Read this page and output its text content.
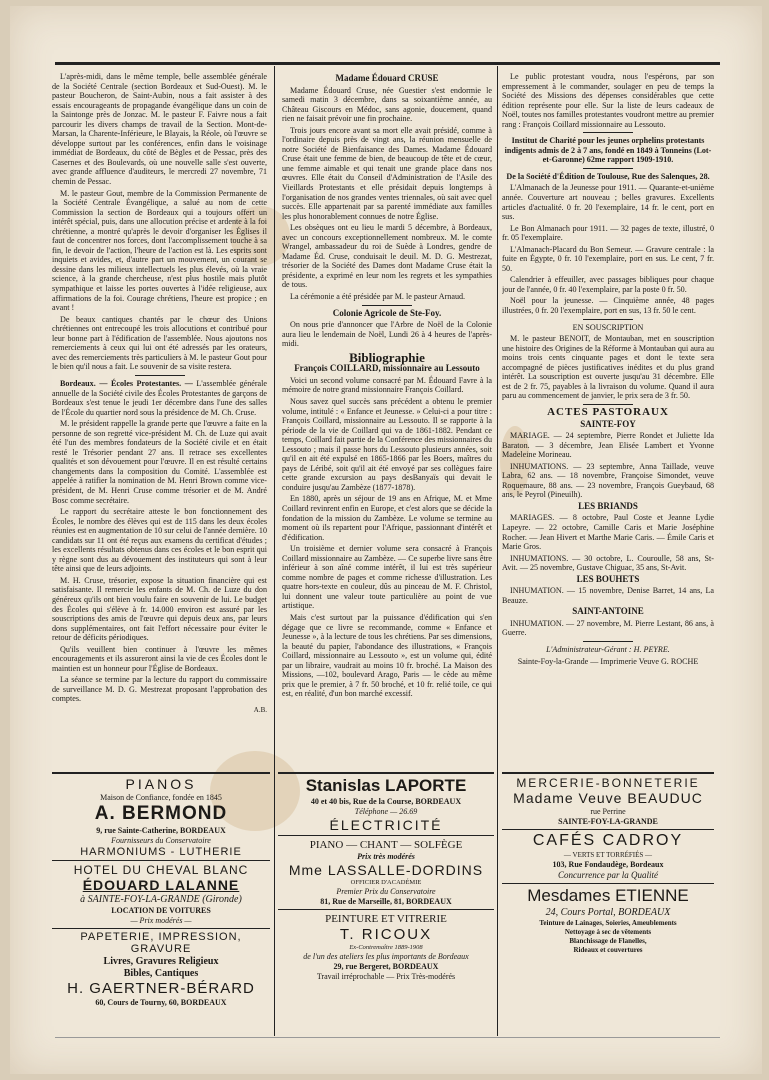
L'après-midi, dans le même temple, belle assemblée générale de la Société Centrale (section Bordeaux et Sud-Ouest). M. le pasteur Boucheron, de Saint-Aubin, nous a fait assister à des essais encourageants de propagande évangélique dans un coin de la Saintonge près de Jonzac. M. le pasteur F. Faivre nous a fait parcourir les divers champs de travail de la Section. Mont-de-Marsan, la Charente-Inférieure, le Blayais, la Réole, où l'œuvre se développe surtout par les conférences, enfin dans le voisinage immédiat de Bordeaux, du côté de Bègles et de Pessac, près des Casernes et des Boulevards, où une nouvelle salle s'est ouverte, avec grande affluence d'auditeurs, le mercredi 27 novembre, 71 chemin de Pessac.

M. le pasteur Gout, membre de la Commission Permanente de la Société Centrale Évangélique, a salué au nom de cette Commission la section de Bordeaux qui a toujours offert un intérêt spécial, puis, dans une allocution précise et ardente à la foi chrétienne, a montré qu'après le devoir d'organiser les Églises il faut de concentrer nos forces, dont l'accomplissement touche à sa fin, le devoir de l'action, l'heure de l'action est là. Les esprits sont inquiets et avides, et, d'autre part un mouvement, un courant se dessine dans les milieux intellectuels les plus élevés, où la vraie science, à la grande chercheuse, n'est plus hostile mais plutôt sympathique et laisse les portes ouvertes à l'idée religieuse, aux affirmations de la foi. Courage chrétiens, l'heure est propice ; en avant !

De beaux cantiques chantés par le chœur des Unions chrétiennes ont entrecoupé les trois allocutions et contribué pour leur bonne part à l'édification de l'assemblée. Nous ajoutons nos remerciements à ceux qui lui ont été adressés par les orateurs, avec des remerciements très particuliers à M. le pasteur Gout pour le bien qu'il nous a fait. Le souvenir de sa visite restera.

Bordeaux. — Écoles Protestantes. — L'assemblée générale annuelle de la Société civile des Écoles Protestantes de garçons de Bordeaux s'est tenue le jeudi 1er décembre dans l'une des salles de l'École du quartier nord sous la présidence de M. Ch. Cruse.

M. le président rappelle la grande perte que l'œuvre a faite en la personne de son regretté vice-président M. Ch. de Luze qui avait été l'un des membres fondateurs de la Société civile et en était resté le Trésorier pendant 27 ans. Il retrace ses excellentes qualités et son dévouement pour l'œuvre. Il en est résulté certains changements dans la composition du Comité. L'assemblée est appelée à ratifier la nomination de M. Henri Brown comme vice-président, de M. Henri Cruse comme trésorier et de M. André Bosc comme secrétaire.

Le rapport du secrétaire atteste le bon fonctionnement des Écoles, le nombre des élèves qui est de 115 dans les deux écoles réunies est en augmentation de 10 sur celui de l'année dernière. 10 candidats sur 11 ont été reçus aux examens du certificat d'études ; les excellents résultats obtenus dans ces écoles et le bon esprit qui y règne sont dus au dévouement des instituteurs qui sont à leur tête ainsi que de leurs adjoints.

M. H. Cruse, trésorier, expose la situation financière qui est satisfaisante. Il remercie les enfants de M. Ch. de Luze du don généreux qu'ils ont bien voulu faire en souvenir de lui. Le budget des Écoles qui s'élève à fr. 14.000 environ est assuré par les souscriptions des amis de l'œuvre qui depuis deux ans, par leurs dons supplémentaires, ont fait l'effort nécessaire pour éviter le retour de déficits périodiques.

Qu'ils veuillent bien continuer à l'œuvre les mêmes encouragements et ils assureront ainsi la vie de ces Écoles dont le maintien est un honneur pour l'Église de Bordeaux.

La séance se termine par la lecture du rapport du commissaire de surveillance M. D. G. Mestrezat proposant l'approbation des comptes.

A.B.
Madame Édouard CRUSE

Madame Édouard Cruse, née Guestier s'est endormie le samedi matin 3 décembre, dans sa soixantième année, au Château Giscours en Médoc, sans agonie, doucement, quand rien ne faisait prévoir une fin prochaine.

Trois jours encore avant sa mort elle avait présidé, comme à l'ordinaire depuis près de vingt ans, la réunion mensuelle de notre Société de Bienfaisance des Dames. Madame Édouard Cruse était une femme de bien, de beaucoup de tête et de cœur, une femme aimable et qui tenait une grande place dans nos œuvres. Elle était du Conseil d'Administration de l'Asile des Vieillards Protestants et elle présidait depuis longtemps à l'organisation de nos grandes ventes triennales, où sait avec quel succès. Elle appartenait par sa parenté immédiate aux familles les plus honorablement connues de notre Église.

Les obsèques ont eu lieu le mardi 5 décembre, à Bordeaux, avec un concours exceptionnellement nombreux. M. le comte Wrangel, ambassadeur du roi de Suède à Londres, gendre de Madame Éd. Cruse, conduisait le deuil. M. D. G. Mestrezat, trésorier de la Société des Dames dont Madame Cruse était la présidente, a exprimé en leur nom les regrets et les sympathies de tous.

La cérémonie a été présidée par M. le pasteur Arnaud.

Colonie Agricole de Ste-Foy.

On nous prie d'annoncer que l'Arbre de Noël de la Colonie aura lieu le lendemain de Noël, Lundi 26 à 4 heures de l'après-midi.

Bibliographie
François COILLARD, missionnaire au Lessouto

Voici un second volume consacré par M. Édouard Favre à la mémoire de notre grand missionnaire François Coillard.

Nous savez quel succès sans précédent a obtenu le premier volume, intitulé : « Enfance et Jeunesse. » Celui-ci a pour titre : François Coillard, missionnaire au Lessouto. Il se rapporte à la période de la vie de Coillard qui va de 1861-1882. Pendant ce temps, Coillard fait partie de la Conférence des missionnaires du Lessouto ; mais il passe hors du Lessouto plusieurs années, soit qu'il en ait été expulsé en 1865-1866 par les Boers, maîtres du pays de Léribé, soit qu'il ait été envoyé par ses collègues faire cette grande excursion au pays desBanyaïs qui devait le conduire jusqu'au Zambèze (1877-1878).

En 1880, après un séjour de 19 ans en Afrique, M. et Mme Coillard revinrent enfin en Europe, et c'est alors que se décide la fondation de la mission du Zambèze. Le volume se termine au moment où ils repartent pour l'Afrique, passionnant d'intérêt et d'édification.

Un troisième et dernier volume sera consacré à François Coillard missionnaire au Zambèze. — Ce superbe livre sans être inférieur à son aîné comme intérêt, il lui est très supérieur comme nombre de pages et comme richesse d'illustration. Les quatre hors-texte en couleur, dûs au pinceau de M. F. Christol, lui donnent une valeur toute particulière au point de vue artistique.

Mais c'est surtout par la puissance d'édification qui s'en dégage que ce livre se recommande, comme « Enfance et Jeunesse », à la lecture de tous les chrétiens. Par ses dimensions, la beauté du papier, l'abondance des illustrations, « François Coillard, missionnaire au Lessouto », est un volume qui, édité par un libraire, vaudrait au moins 10 fr. broché. La Maison des Missions, —102, boulevard Arago, Paris — le cède au même prix que le premier, à 7 fr. 50 broché, et 10 fr. relié toile, ce qui est, en réalité, d'un bon marché excessif.

Le public protestant voudra, nous l'espérons, par son empressement à le commander, soulager en peu de temps la Société des Missions des dépenses considérables que cette édition représente pour elle. Sur la liste de leurs cadeaux de Noël, toutes nos familles protestantes voudront mettre au premier rang : François Coillard missionnaire au Lessouto.

Institut de Charité pour les jeunes orphelins protestants indigents admis de 2 à 7 ans, fondé en 1849 à Tonneins (Lot-et-Garonne) 62me rapport 1909-1910.

De la Société d'Édition de Toulouse, Rue des Salenques, 28.

L'Almanach de la Jeunesse pour 1911. — Quarante-et-unième année. Couverture art nouveau ; belles gravures. Excellents articles d'actualité. 0 fr. 20 l'exemplaire, 14 fr. le cent, port en sus.

Le Bon Almanach pour 1911. — 32 pages de texte, illustré, 0 fr. 05 l'exemplaire.

L'Almanach-Placard du Bon Semeur. — Gravure centrale : la fuite en Égypte, 0 fr. 10 l'exemplaire, port en sus. Le cent, 7 fr. 50.

Calendrier à effeuiller, avec passages bibliques pour chaque jour de l'année, 0 fr. 40 l'exemplaire, par la poste 0 fr. 50.

Noël pour la jeunesse. — Cinquième année, 48 pages illustrées, 0 fr. 20 l'exemplaire, port en sus, 13 fr. 50 le cent.

EN SOUSCRIPTION

M. le pasteur BENOIT, de Montauban, met en souscription une histoire des Origines de la Réforme à Montauban qui aura au moins trois cents cinquante pages et dont le texte sera accompagné de pièces justificatives inédites et du plus grand intérêt. La souscription est ouverte jusqu'au 31 décembre. Elle est de 2 fr. 75, payables à la livraison du volume. Quand il aura paru au commencement de janvier, le prix sera de 3 fr. 50.

ACTES PASTORAUX
SAINTE-FOY

MARIAGE. — 24 septembre, Pierre Rondet et Juliette Ida Baraton. — 3 décembre, Jean Elisée Lambert et Yvonne Madeleine Morineau.

INHUMATIONS. — 23 septembre, Anna Taillade, veuve Labra, 62 ans. — 18 novembre, Françoise Simondet, veuve Roquemaure, 88 ans. — 23 novembre, François Gueybaud, 68 ans, le Peyrol (Pineuilh).

LES BRIANDS

MARIAGES. — 8 octobre, Paul Coste et Jeanne Lydie Lapeyre. — 22 octobre, Camille Caris et Marie Joséphine Rocher. — Jean Hivert et Marthe Marie Caris. — Émile Caris et Marie Gros.

INHUMATIONS. — 30 octobre, L. Couroulle, 58 ans, St-Avit. — 25 novembre, Gustave Chiguac, 35 ans, St-Avit.

LES BOUHETS

INHUMATION. — 15 novembre, Denise Barret, 14 ans, La Beauze.

SAINT-ANTOINE

INHUMATION. — 27 novembre, M. Pierre Lestant, 86 ans, à Guerre.

L'Administrateur-Gérant : H. PEYRE.

Sainte-Foy-la-Grande — Imprimerie Veuve G. ROCHE

PIANOS
Maison de Confiance, fondée en 1845
A. BERMOND
9, rue Sainte-Catherine, BORDEAUX
Fournisseurs du Conservatoire
HARMONIUMS - LUTHERIE
HOTEL DU CHEVAL BLANC
ÉDOUARD LALANNE
à SAINTE-FOY-LA-GRANDE (Gironde)
LOCATION DE VOITURES
— Prix modérés —
PAPETERIE, IMPRESSION, GRAVURE
Livres, Gravures Religieux
Bibles, Cantiques
H. GAERTNER-BÉRARD
60, Cours de Tourny, 60, BORDEAUX
Stanislas LAPORTE
40 et 40 bis, Rue de la Course, BORDEAUX
Téléphone — 26.69
ÉLECTRICITÉ
PIANO — CHANT — SOLFÈGE
Prix très modérés
Mme LASSALLE-DORDINS
OFFICIER D'ACADÉMIE
Premier Prix du Conservatoire
81, Rue de Marseille, 81, BORDEAUX
PEINTURE ET VITRERIE
T. RICOUX
Ex-Contremaître 1889-1908
de l'un des ateliers les plus importants de Bordeaux
29, rue Bergeret, BORDEAUX
Travail irréprochable — Prix Très-modérés
MERCERIE-BONNETERIE
Madame Veuve BEAUDUC
rue Perrine
SAINTE-FOY-LA-GRANDE
CAFÉS CADROY
— VERTS ET TORRÉFIÉS —
103, Rue Fondaudège, Bordeaux
Concurrence par la Qualité
Mesdames ETIENNE
24, Cours Portal, BORDEAUX
Teinture de Lainages, Soieries, Ameublements
Nettoyage à sec de vêtements
Blanchissage de Flanelles,
Rideaux et couvertures
